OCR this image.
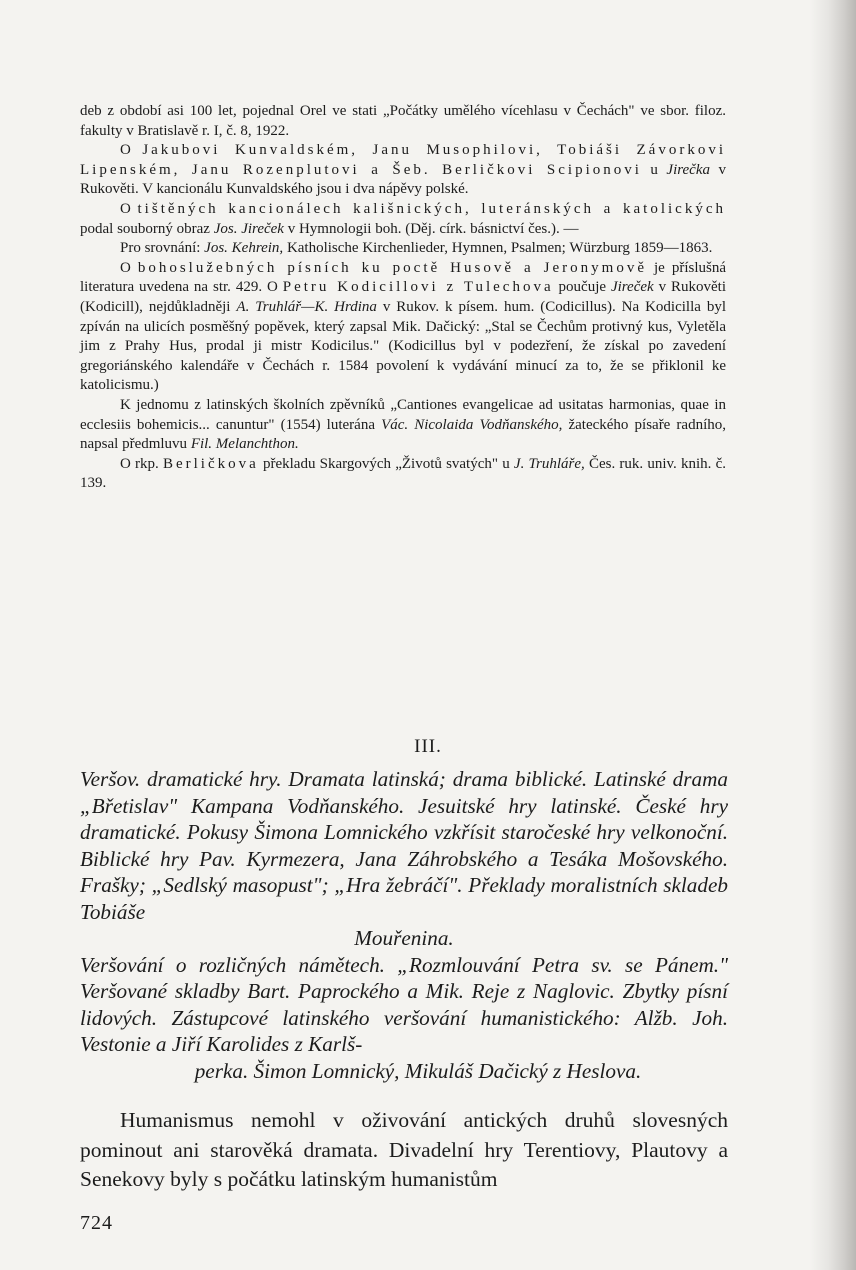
deb z období asi 100 let, pojednal Orel ve stati „Počátky umělého vícehlasu v Čechách" ve sbor. filoz. fakulty v Bratislavě r. I, č. 8, 1922.

O Jakubovi Kunvaldském, Janu Musophilovi, Tobiáši Závorkovi Lipenském, Janu Rozenplutovi a Šeb. Berličkovi Scipionovi u Jirečka v Rukověti. V kancionálu Kunvaldského jsou i dva nápěvy polské.

O tištěných kancionálech kališnických, luteránských a katolických podal souborný obraz Jos. Jireček v Hymnologii boh. (Děj. círk. básnictví čes.). —

Pro srovnání: Jos. Kehrein, Katholische Kirchenlieder, Hymnen, Psalmen; Würzburg 1859—1863.

O bohoslužebných písních ku poctě Husově a Jeronymově je příslušná literatura uvedena na str. 429. O Petru Kodicillovi z Tulechova poučuje Jireček v Rukověti (Kodicill), nejdůkladněji A. Truhlář—K. Hrdina v Rukov. k písem. hum. (Codicillus). Na Kodicilla byl zpíván na ulicích posměšný popěvek, který zapsal Mik. Dačický: „Stal se Čechům protivný kus, Vyletěla jim z Prahy Hus, prodal ji mistr Kodicilus." (Kodicillus byl v podezření, že získal po zavedení gregoriánského kalendáře v Čechách r. 1584 povolení k vydávání minucí za to, že se přiklonil ke katolicismu.)

K jednomu z latinských školních zpěvníků „Cantiones evangelicae ad usitatas harmonias, quae in ecclesiis bohemicis... canuntur" (1554) luterána Vác. Nicolaida Vodňanského, žateckého písaře radního, napsal předmluvu Fil. Melanchthon.

O rkp. Berličkova překladu Skargových „Životů svatých" u J. Truhláře, Čes. ruk. univ. knih. č. 139.

III.

Veršov. dramatické hry. Dramata latinská; drama biblické. Latinské drama „Břetislav" Kampana Vodňanského. Jesuitské hry latinské. České hry dramatické. Pokusy Šimona Lomnického vzkřísit staročeské hry velkonoční. Biblické hry Pav. Kyrmezera, Jana Záhrobského a Tesáka Mošovského. Frašky; „Sedlský masopust"; „Hra žebráčí". Překlady moralistních skladeb Tobiáše

Mouřenina.

Veršování o rozličných námětech. „Rozmlouvání Petra sv. se Pánem." Veršované skladby Bart. Paprockého a Mik. Reje z Naglovic. Zbytky písní lidových. Zástupcové latinského veršování humanistického: Alžb. Joh. Vestonie a Jiří Karolides z Karlš-

perka. Šimon Lomnický, Mikuláš Dačický z Heslova.

Humanismus nemohl v oživování antických druhů slovesných pominout ani starověká dramata. Divadelní hry Terentiovy, Plautovy a Senekovy byly s počátku latinským humanistům

724
